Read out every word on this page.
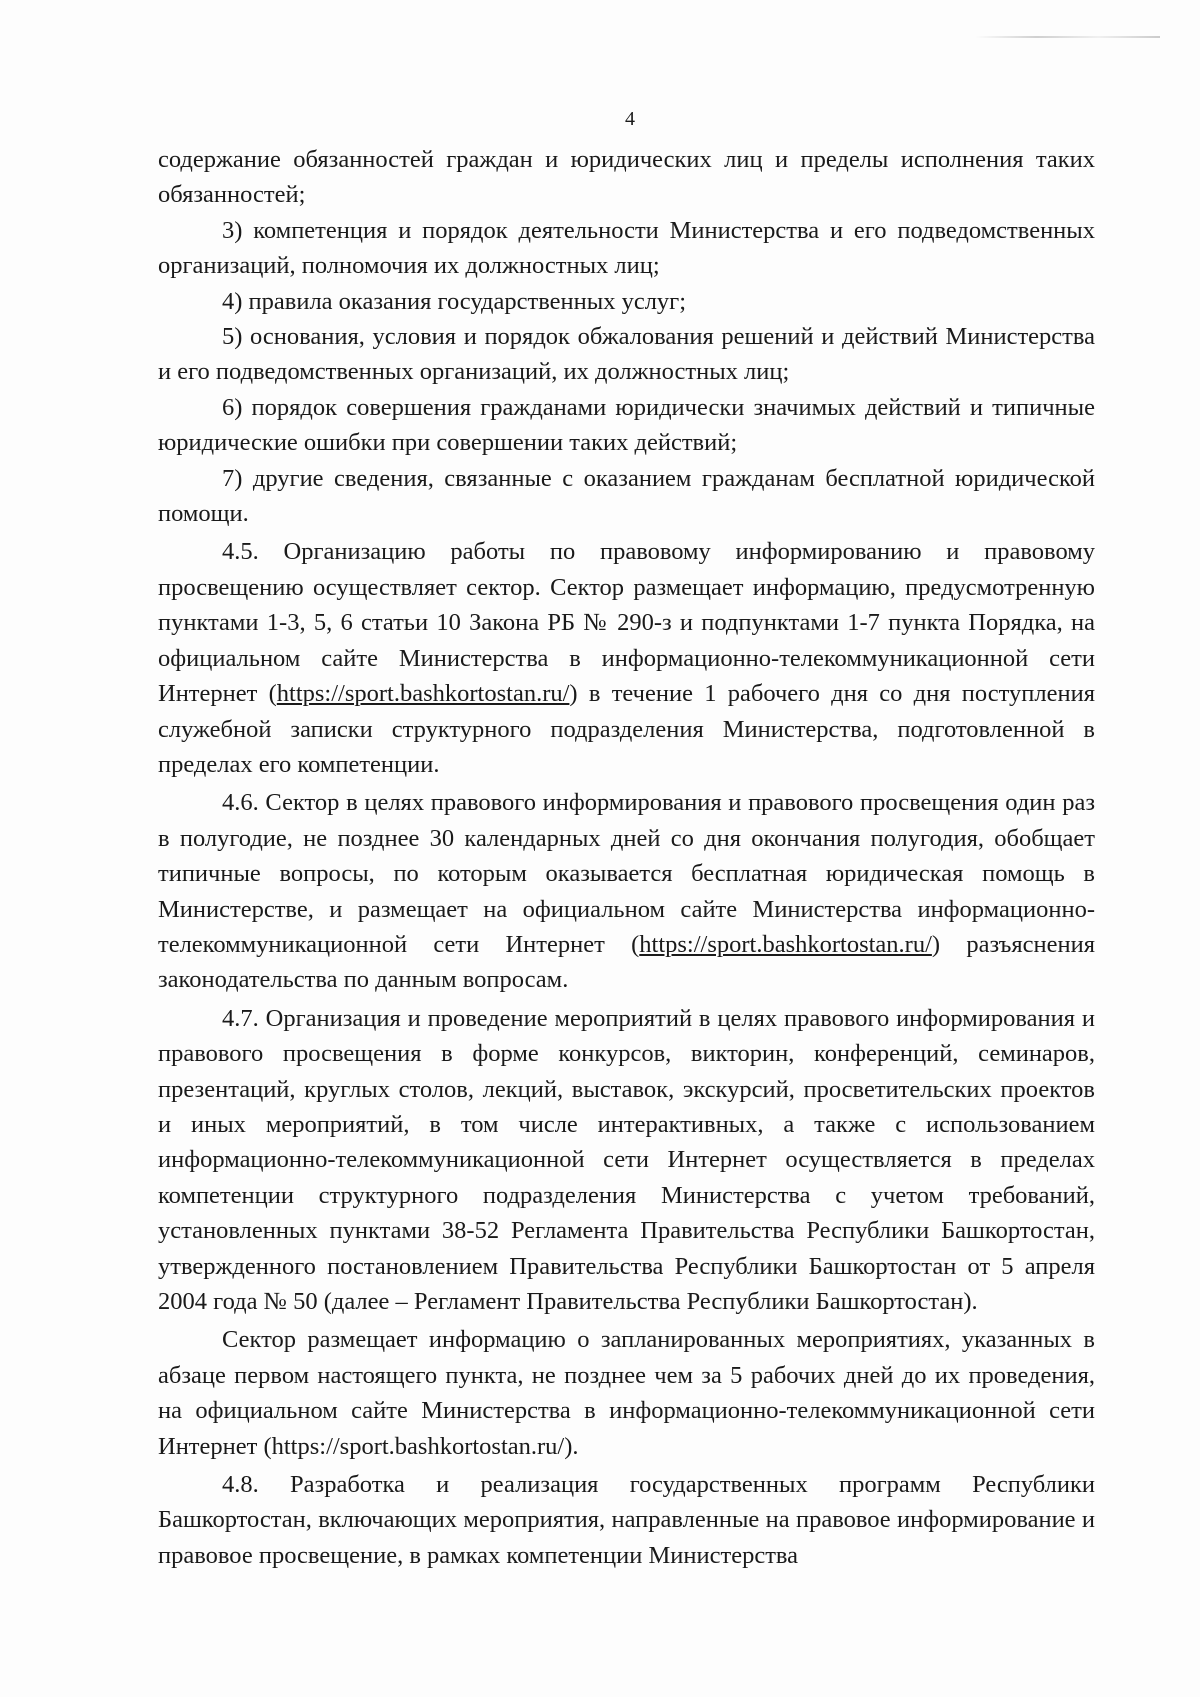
4

содержание обязанностей граждан и юридических лиц и пределы исполнения таких обязанностей;

3) компетенция и порядок деятельности Министерства и его подведомственных организаций, полномочия их должностных лиц;

4) правила оказания государственных услуг;

5) основания, условия и порядок обжалования решений и действий Министерства и его подведомственных организаций, их должностных лиц;

6) порядок совершения гражданами юридически значимых действий и типичные юридические ошибки при совершении таких действий;

7) другие сведения, связанные с оказанием гражданам бесплатной юридической помощи.

4.5. Организацию работы по правовому информированию и правовому просвещению осуществляет сектор. Сектор размещает информацию, предусмотренную пунктами 1-3, 5, 6 статьи 10 Закона РБ № 290-з и подпунктами 1-7 пункта Порядка, на официальном сайте Министерства в информационно-телекоммуникационной сети Интернет (https://sport.bashkortostan.ru/) в течение 1 рабочего дня со дня поступления служебной записки структурного подразделения Министерства, подготовленной в пределах его компетенции.

4.6. Сектор в целях правового информирования и правового просвещения один раз в полугодие, не позднее 30 календарных дней со дня окончания полугодия, обобщает типичные вопросы, по которым оказывается бесплатная юридическая помощь в Министерстве, и размещает на официальном сайте Министерства информационно-телекоммуникационной сети Интернет (https://sport.bashkortostan.ru/) разъяснения законодательства по данным вопросам.

4.7. Организация и проведение мероприятий в целях правового информирования и правового просвещения в форме конкурсов, викторин, конференций, семинаров, презентаций, круглых столов, лекций, выставок, экскурсий, просветительских проектов и иных мероприятий, в том числе интерактивных, а также с использованием информационно-телекоммуникационной сети Интернет осуществляется в пределах компетенции структурного подразделения Министерства с учетом требований, установленных пунктами 38-52 Регламента Правительства Республики Башкортостан, утвержденного постановлением Правительства Республики Башкортостан от 5 апреля 2004 года № 50 (далее – Регламент Правительства Республики Башкортостан).

Сектор размещает информацию о запланированных мероприятиях, указанных в абзаце первом настоящего пункта, не позднее чем за 5 рабочих дней до их проведения, на официальном сайте Министерства в информационно-телекоммуникационной сети Интернет (https://sport.bashkortostan.ru/).

4.8. Разработка и реализация государственных программ Республики Башкортостан, включающих мероприятия, направленные на правовое информирование и правовое просвещение, в рамках компетенции Министерства
